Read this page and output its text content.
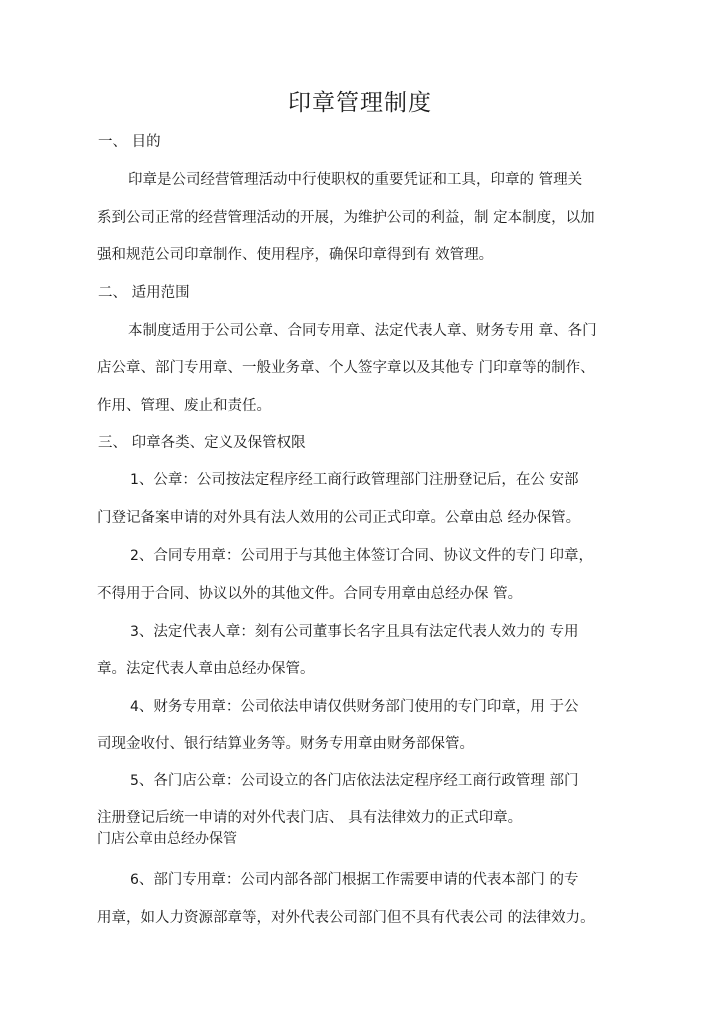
印章管理制度
一、 目的
印章是公司经营管理活动中行使职权的重要凭证和工具，印章的 管理关
系到公司正常的经营管理活动的开展，为维护公司的利益，制 定本制度，以加
强和规范公司印章制作、使用程序，确保印章得到有 效管理。
二、 适用范围
本制度适用于公司公章、合同专用章、法定代表人章、财务专用 章、各门
店公章、部门专用章、一般业务章、个人签字章以及其他专 门印章等的制作、
作用、管理、废止和责任。
三、 印章各类、定义及保管权限
1、公章：公司按法定程序经工商行政管理部门注册登记后，在公 安部
门登记备案申请的对外具有法人效用的公司正式印章。公章由总 经办保管。
2、合同专用章：公司用于与其他主体签订合同、协议文件的专门 印章，
不得用于合同、协议以外的其他文件。合同专用章由总经办保 管。
3、法定代表人章：刻有公司董事长名字且具有法定代表人效力的 专用
章。法定代表人章由总经办保管。
4、财务专用章：公司依法申请仅供财务部门使用的专门印章，用 于公
司现金收付、银行结算业务等。财务专用章由财务部保管。
5、各门店公章：公司设立的各门店依法法定程序经工商行政管理 部门
注册登记后统一申请的对外代表门店、 具有法律效力的正式印章。
门店公章由总经办保管
6、部门专用章：公司内部各部门根据工作需要申请的代表本部门 的专
用章，如人力资源部章等，对外代表公司部门但不具有代表公司 的法律效力。
